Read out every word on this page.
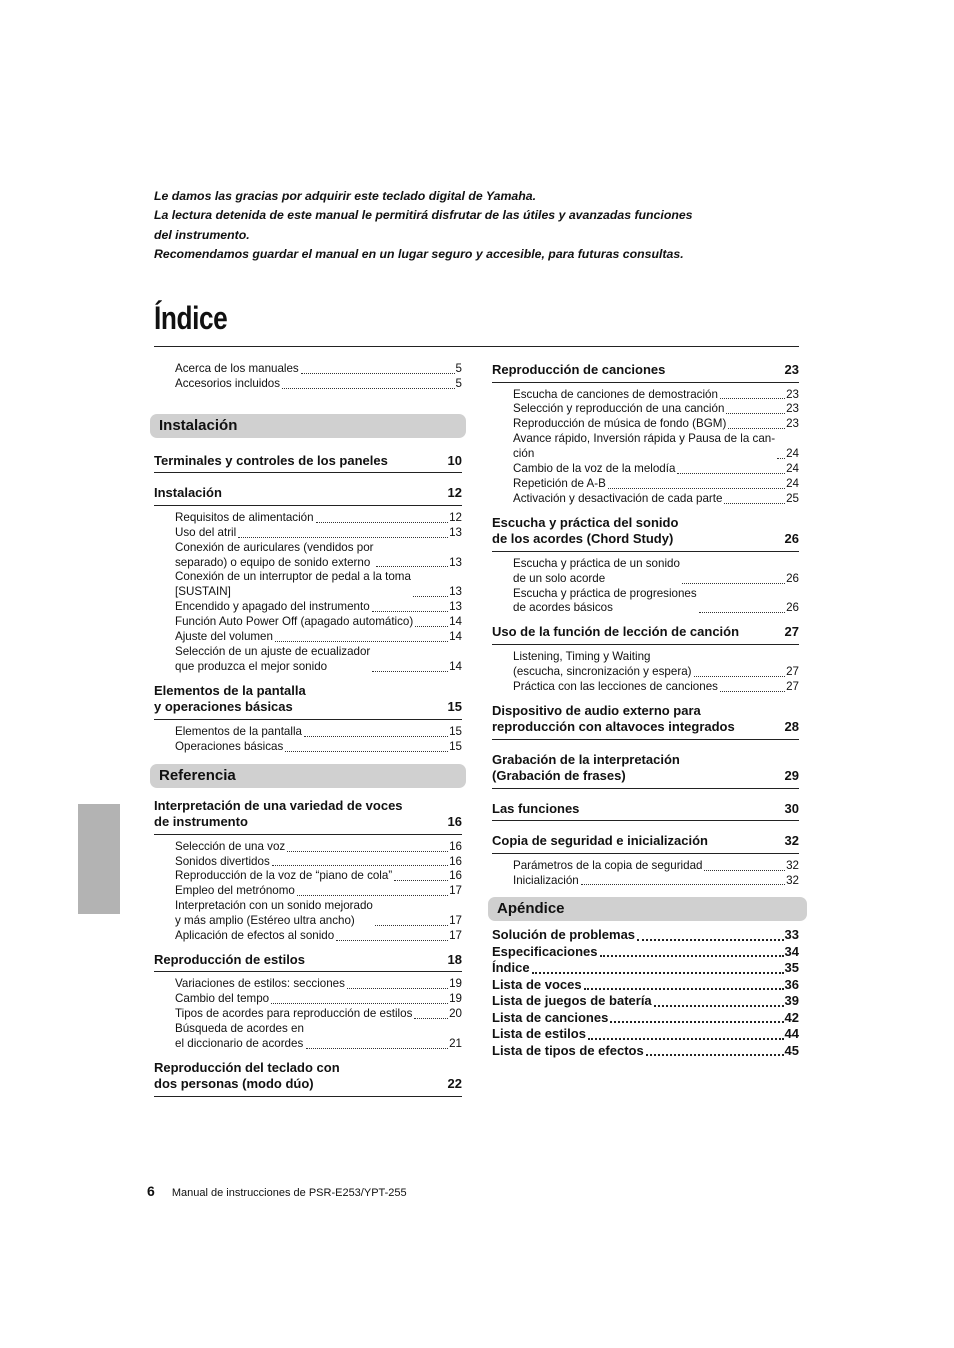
Le damos las gracias por adquirir este teclado digital de Yamaha.
La lectura detenida de este manual le permitirá disfrutar de las útiles y avanzadas funciones
del instrumento.
Recomendamos guardar el manual en un lugar seguro y accesible, para futuras consultas.
Índice
Acerca de los manuales	5
Accesorios incluidos	5
Instalación
Terminales y controles de los paneles	10
Instalación	12
Requisitos de alimentación	12
Uso del atril	13
Conexión de auriculares (vendidos por
separado) o equipo de sonido externo	13
Conexión de un interruptor de pedal a la toma
[SUSTAIN]	13
Encendido y apagado del instrumento	13
Función Auto Power Off (apagado automático)	14
Ajuste del volumen	14
Selección de un ajuste de ecualizador
que produzca el mejor sonido	14
Elementos de la pantalla
y operaciones básicas	15
Elementos de la pantalla	15
Operaciones básicas	15
Referencia
Interpretación de una variedad de voces
de instrumento	16
Selección de una voz	16
Sonidos divertidos	16
Reproducción de la voz de “piano de cola”	16
Empleo del metrónomo	17
Interpretación con un sonido mejorado
y más amplio (Estéreo ultra ancho)	17
Aplicación de efectos al sonido	17
Reproducción de estilos	18
Variaciones de estilos: secciones	19
Cambio del tempo	19
Tipos de acordes para reproducción de estilos	20
Búsqueda de acordes en
el diccionario de acordes	21
Reproducción del teclado con
dos personas (modo dúo)	22
Reproducción de canciones	23
Escucha de canciones de demostración	23
Selección y reproducción de una canción	23
Reproducción de música de fondo (BGM)	23
Avance rápido, Inversión rápida y Pausa de la can-
ción	24
Cambio de la voz de la melodía	24
Repetición de A-B	24
Activación y desactivación de cada parte	25
Escucha y práctica del sonido
de los acordes (Chord Study)	26
Escucha y práctica de un sonido
de un solo acorde	26
Escucha y práctica de progresiones
de acordes básicos	26
Uso de la función de lección de canción	27
Listening, Timing y Waiting
(escucha, sincronización y espera)	27
Práctica con las lecciones de canciones	27
Dispositivo de audio externo para
reproducción con altavoces integrados	28
Grabación de la interpretación
(Grabación de frases)	29
Las funciones	30
Copia de seguridad e inicialización	32
Parámetros de la copia de seguridad	32
Inicialización	32
Apéndice
Solución de problemas	33
Especificaciones	34
Índice	35
Lista de voces	36
Lista de juegos de batería	39
Lista de canciones	42
Lista de estilos	44
Lista de tipos de efectos	45
6 Manual de instrucciones de PSR-E253/YPT-255
